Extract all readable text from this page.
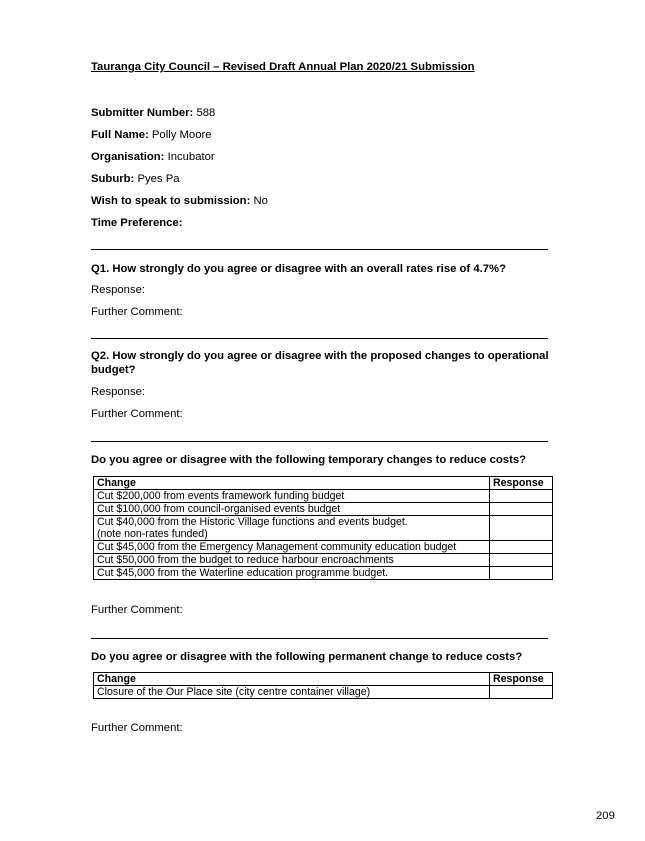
Tauranga City Council – Revised Draft Annual Plan 2020/21 Submission
Submitter Number: 588
Full Name: Polly Moore
Organisation: Incubator
Suburb: Pyes Pa
Wish to speak to submission: No
Time Preference:
Q1. How strongly do you agree or disagree with an overall rates rise of 4.7%?
Response:
Further Comment:
Q2. How strongly do you agree or disagree with the proposed changes to operational budget?
Response:
Further Comment:
Do you agree or disagree with the following temporary changes to reduce costs?
Change	Response
Cut $200,000 from events framework funding budget	
Cut $100,000 from council-organised events budget	

Cut $40,000 from the Historic Village functions and events budget.
(note non-rates funded)	

Cut $45,000 from the Emergency Management community education budget	
Cut $50,000 from the budget to reduce harbour encroachments	
Cut $45,000 from the Waterline education programme budget.	
Further Comment:
Do you agree or disagree with the following permanent change to reduce costs?
Change	Response
Closure of the Our Place site (city centre container village)	
Further Comment:
209
